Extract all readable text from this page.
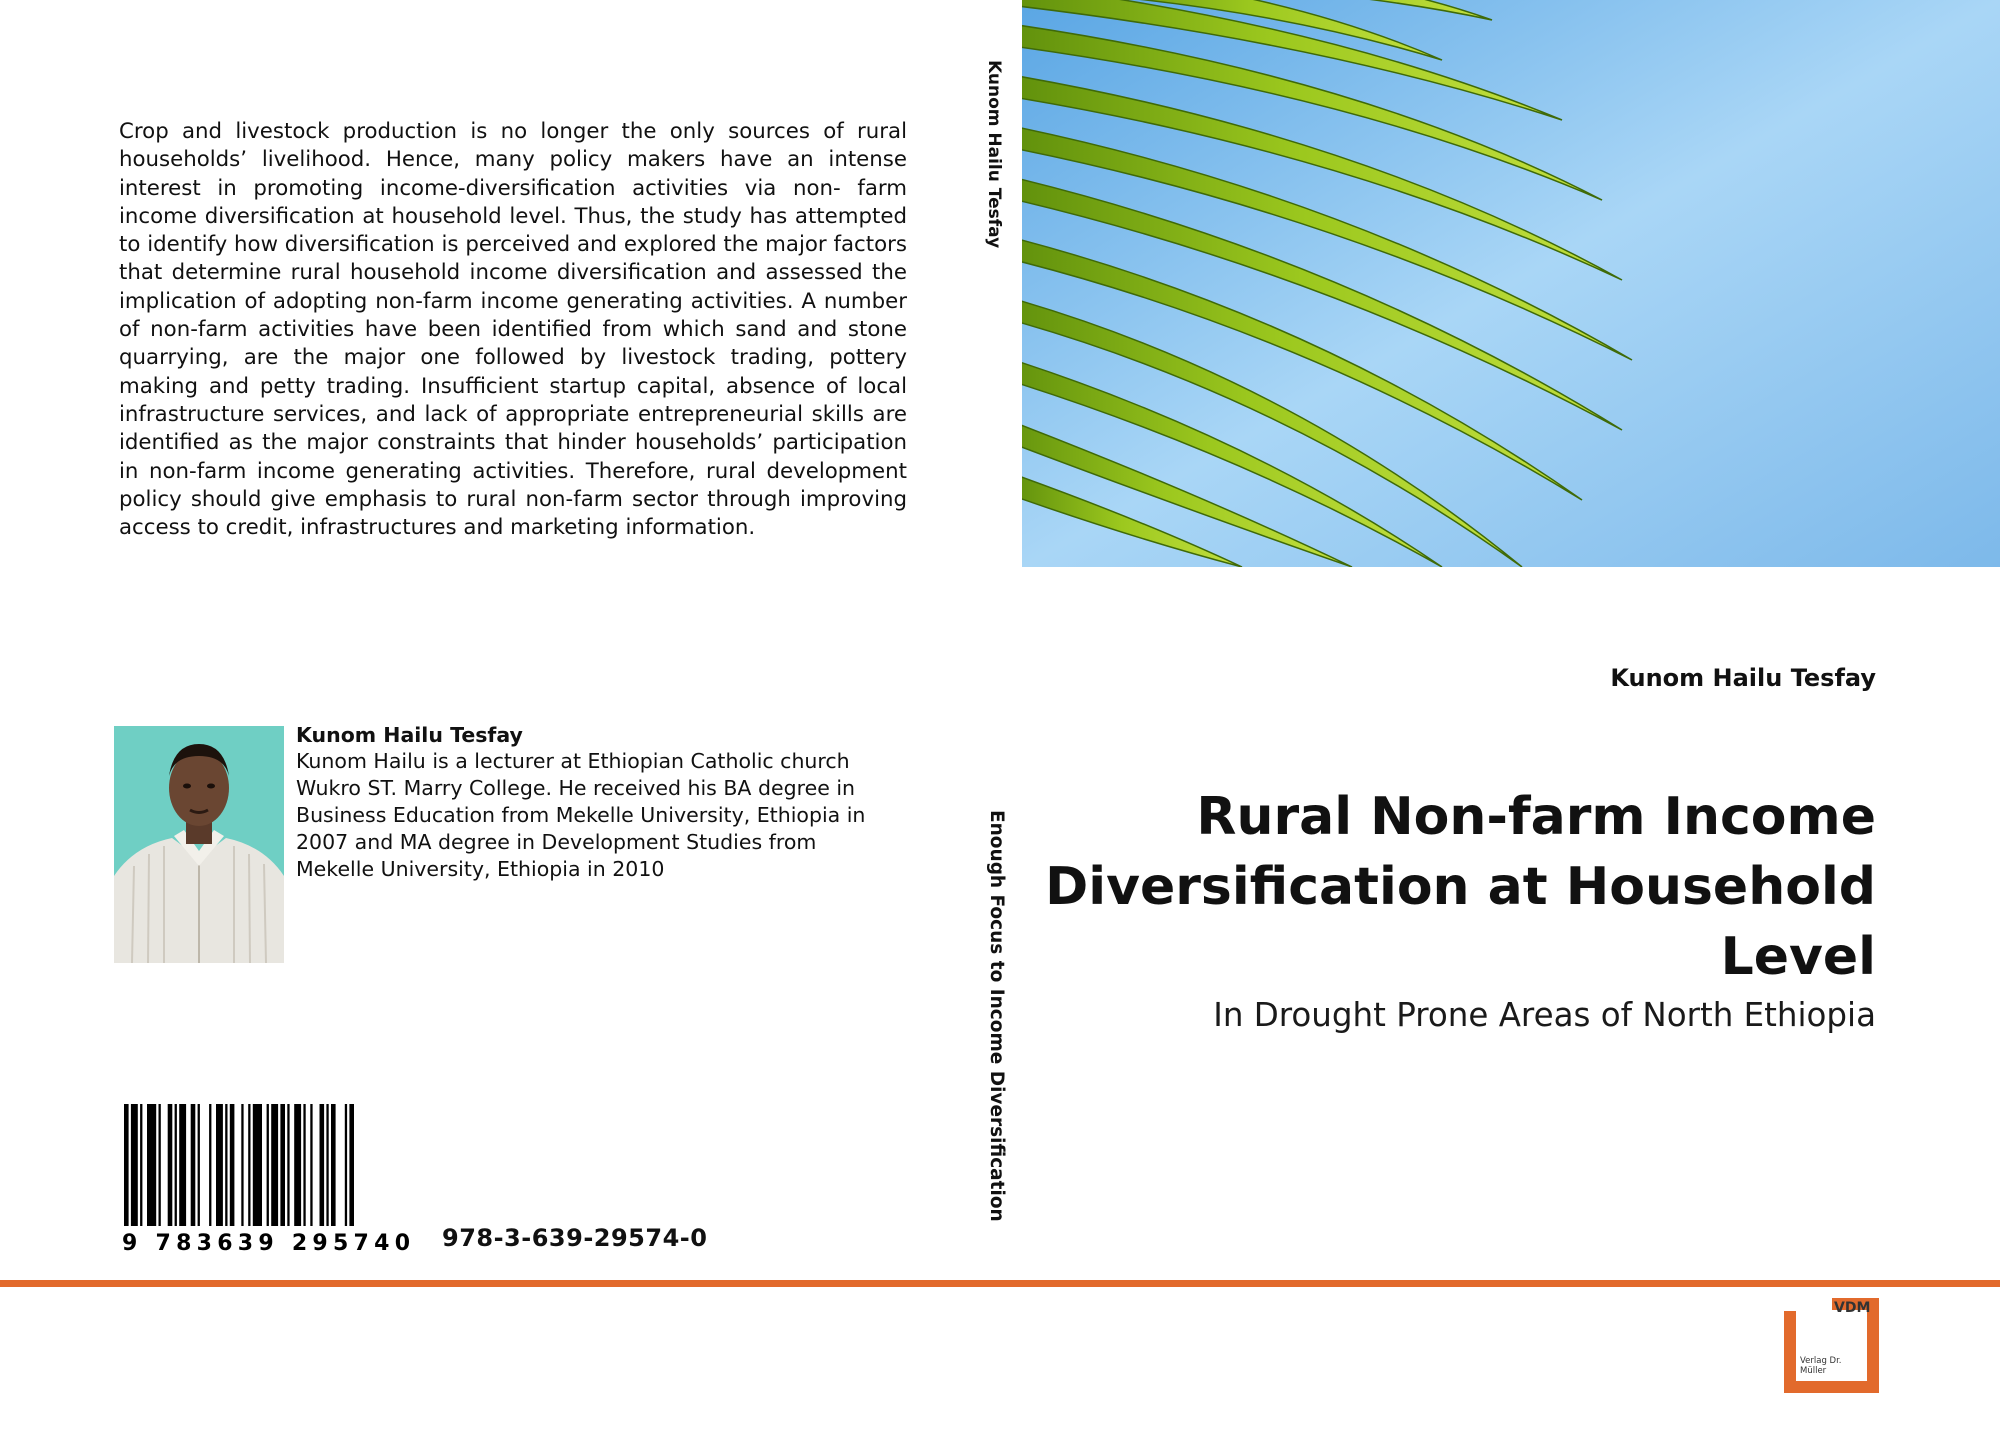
Crop and livestock production is no longer the only sources of rural households’ livelihood. Hence, many policy makers have an intense interest in promoting income-diversification activities via non- farm income diversification at household level. Thus, the study has attempted to identify how diversification is perceived and explored the major factors that determine rural household income diversification and assessed the implication of adopting non-farm income generating activities. A number of non-farm activities have been identified from which sand and stone quarrying, are the major one followed by livestock trading, pottery making and petty trading. Insufficient startup capital, absence of local infrastructure services, and lack of appropriate entrepreneurial skills are identified as the major constraints that hinder households’ participation in non-farm income generating activities. Therefore, rural development policy should give emphasis to rural non-farm sector through improving access to credit, infrastructures and marketing information.

Kunom Hailu Tesfay

Kunom Hailu is a lecturer at Ethiopian Catholic church Wukro ST. Marry College. He received his BA degree in Business Education from Mekelle University, Ethiopia in 2007 and MA degree in Development Studies from Mekelle University, Ethiopia in 2010

9 783639 295740 978-3-639-29574-0
Kunom Hailu Tesfay
Enough Focus to Income Diversification
Kunom Hailu Tesfay
Rural Non-farm Income Diversification at Household Level
In Drought Prone Areas of North Ethiopia
VDM
Verlag Dr. Müller
